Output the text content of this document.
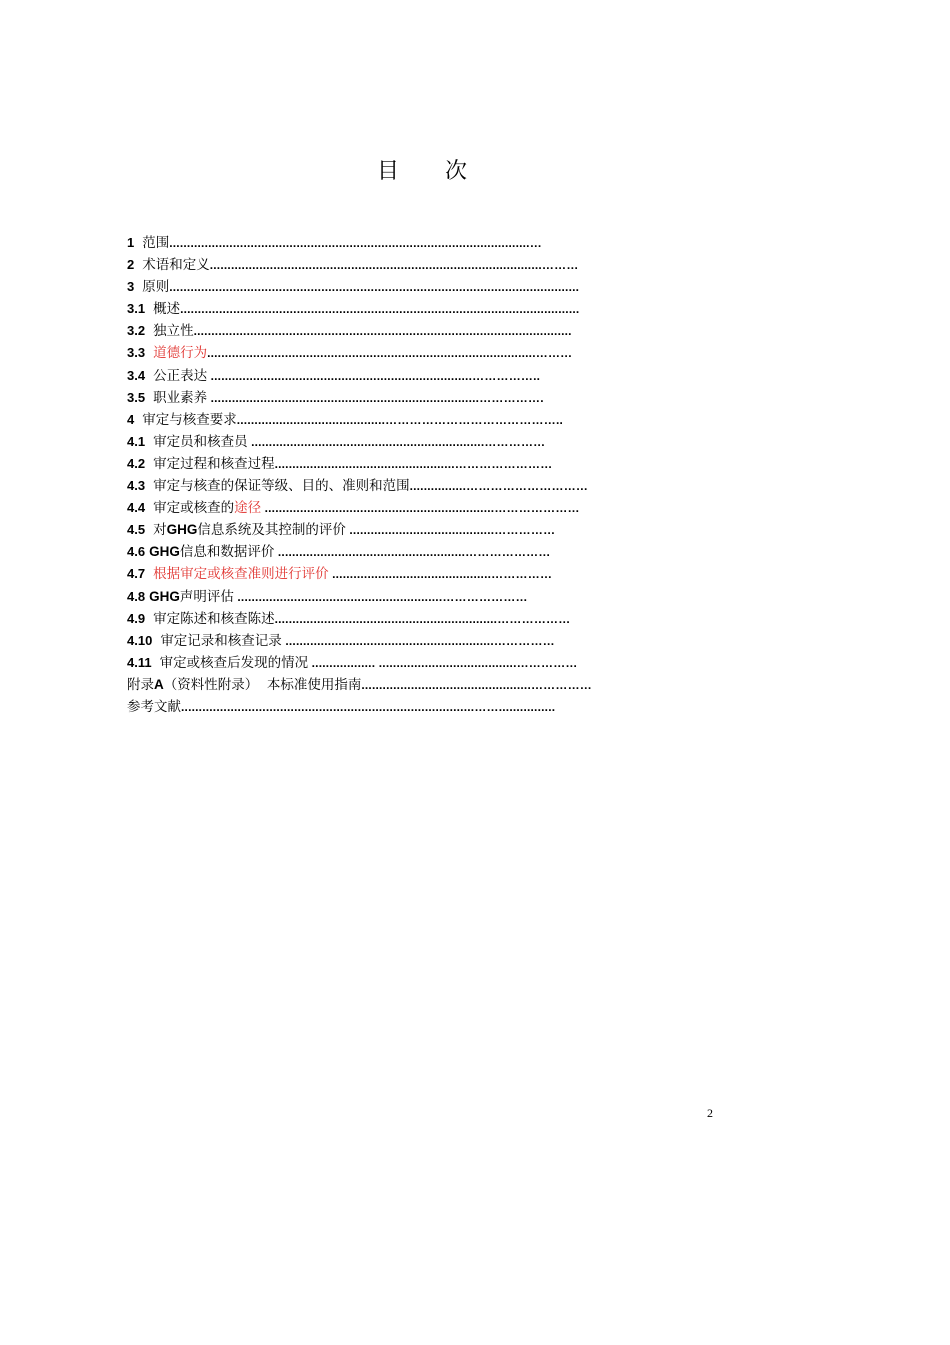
目 次
1 范围......................................................................................................…
2 术语和定义..............................................................................................………
3 原则....................................................................................................................
3.1 概述.................................................................................................................
3.2 独立性...........................................................................................................
3.3 道德行为.............................................................................................………
3.4 公正表达 ..........................................................................……………..
3.5 职业素养 ............................................................................…………….
4 审定与核查要求..........................................……………………………………..
4.1 审定员和核查员 ..................................................................……………
4.2 审定过程和核查过程...................................................……………………
4.3 审定与核查的保证等级、目的、准则和范围................…………………………
4.4 审定或核查的途径 .................................................................…………………
4.5 对GHG信息系统及其控制的评价 .........................................……………
4.6 GHG信息和数据评价 .....................................................…………………
4.7 根据审定或核查准则进行评价 .............................................……………
4.8 GHG声明评估 ..........................................................…………………
4.9 审定陈述和核查陈述...............................................................………………
4.10 审定记录和核查记录 ...........................................................……………
4.11 审定或核查后发现的情况 .................. .......................................……………
附录A（资料性附录）  本标准使用指南................................................……………
参考文献...................................................................................……................
2
